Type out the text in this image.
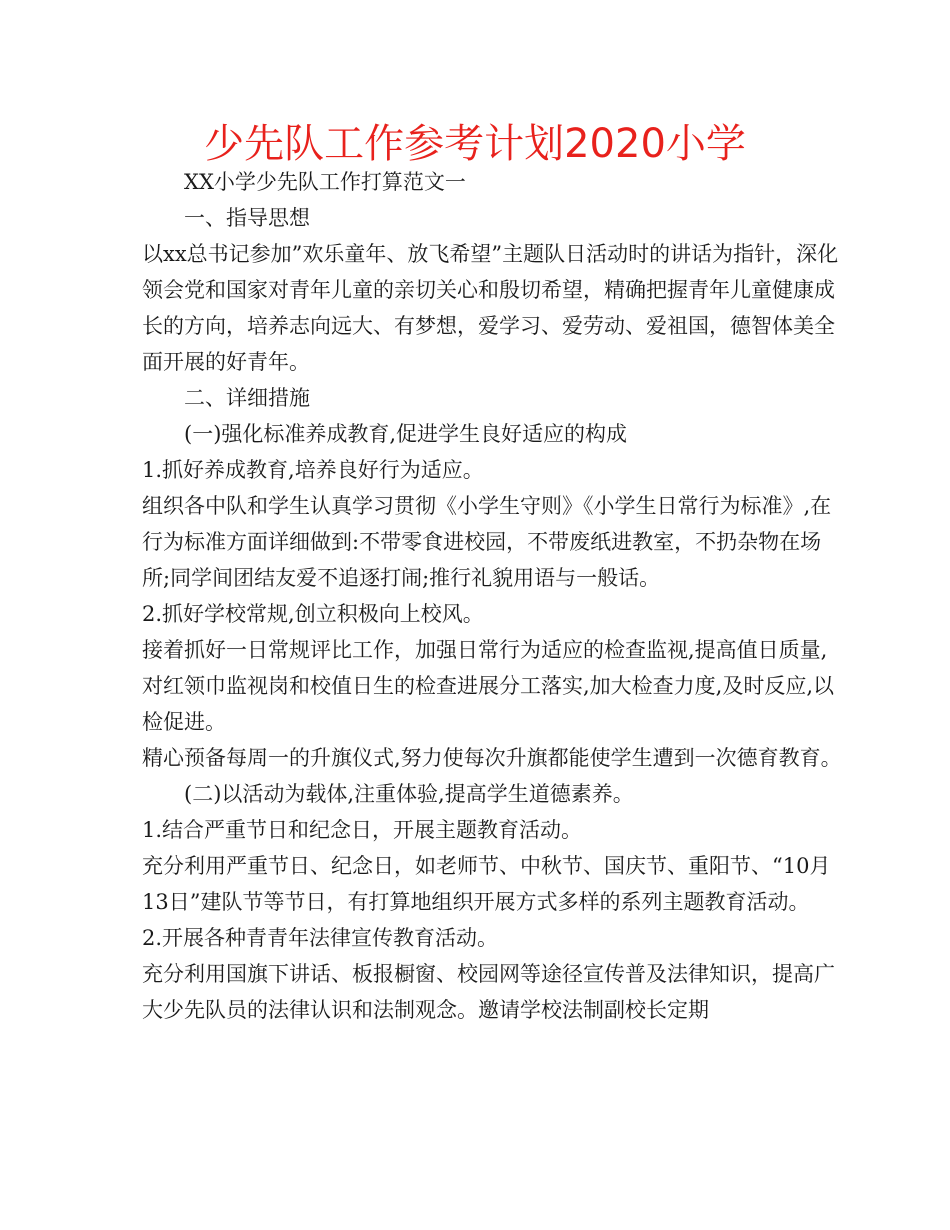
少先队工作参考计划2020小学

XX小学少先队工作打算范文一

一、指导思想

以xx总书记参加”欢乐童年、放飞希望”主题队日活动时的讲话为指针，深化领会党和国家对青年儿童的亲切关心和殷切希望，精确把握青年儿童健康成长的方向，培养志向远大、有梦想，爱学习、爱劳动、爱祖国，德智体美全面开展的好青年。

二、详细措施

(一)强化标准养成教育,促进学生良好适应的构成

1.抓好养成教育,培养良好行为适应。

组织各中队和学生认真学习贯彻《小学生守则》《小学生日常行为标准》,在行为标准方面详细做到:不带零食进校园，不带废纸进教室，不扔杂物在场所;同学间团结友爱不追逐打闹;推行礼貌用语与一般话。

2.抓好学校常规,创立积极向上校风。

接着抓好一日常规评比工作，加强日常行为适应的检查监视,提高值日质量,对红领巾监视岗和校值日生的检查进展分工落实,加大检查力度,及时反应,以检促进。

精心预备每周一的升旗仪式,努力使每次升旗都能使学生遭到一次德育教育。

(二)以活动为载体,注重体验,提高学生道德素养。

1.结合严重节日和纪念日，开展主题教育活动。

充分利用严重节日、纪念日，如老师节、中秋节、国庆节、重阳节、“10月13日”建队节等节日，有打算地组织开展方式多样的系列主题教育活动。

2.开展各种青青年法律宣传教育活动。

充分利用国旗下讲话、板报橱窗、校园网等途径宣传普及法律知识，提高广大少先队员的法律认识和法制观念。邀请学校法制副校长定期
